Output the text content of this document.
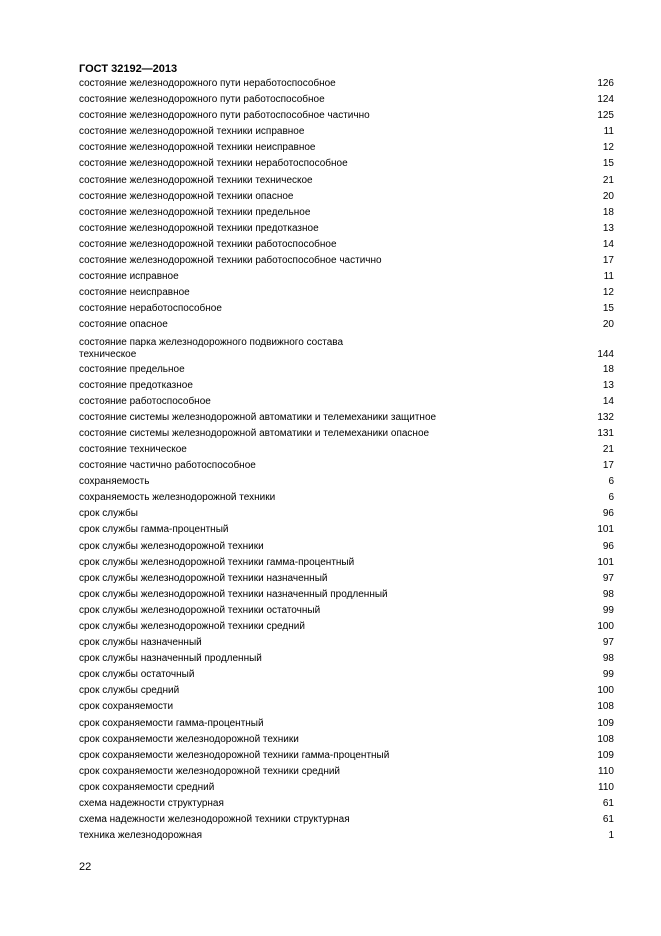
ГОСТ 32192—2013
состояние железнодорожного пути неработоспособное	126
состояние железнодорожного пути работоспособное	124
состояние железнодорожного пути работоспособное частично	125
состояние железнодорожной техники исправное	11
состояние железнодорожной техники неисправное	12
состояние железнодорожной техники неработоспособное	15
состояние железнодорожной техники техническое	21
состояние железнодорожной техники опасное	20
состояние железнодорожной техники предельное	18
состояние железнодорожной техники предотказное	13
состояние железнодорожной техники работоспособное	14
состояние железнодорожной техники работоспособное частично	17
состояние исправное	11
состояние неисправное	12
состояние неработоспособное	15
состояние опасное	20
состояние парка железнодорожного подвижного состава
техническое	144
состояние предельное	18
состояние предотказное	13
состояние работоспособное	14
состояние системы железнодорожной автоматики и телемеханики защитное	132
состояние системы железнодорожной автоматики и телемеханики опасное	131
состояние техническое	21
состояние частично работоспособное	17
сохраняемость	6
сохраняемость железнодорожной техники	6
срок службы	96
срок службы гамма-процентный	101
срок службы железнодорожной техники	96
срок службы железнодорожной техники гамма-процентный	101
срок службы железнодорожной техники назначенный	97
срок службы железнодорожной техники назначенный продленный	98
срок службы железнодорожной техники остаточный	99
срок службы железнодорожной техники средний	100
срок службы назначенный	97
срок службы назначенный продленный	98
срок службы остаточный	99
срок службы средний	100
срок сохраняемости	108
срок сохраняемости гамма-процентный	109
срок сохраняемости железнодорожной техники	108
срок сохраняемости железнодорожной техники гамма-процентный	109
срок сохраняемости железнодорожной техники средний	110
срок сохраняемости средний	110
схема надежности структурная	61
схема надежности железнодорожной техники структурная	61
техника железнодорожная	1
22
